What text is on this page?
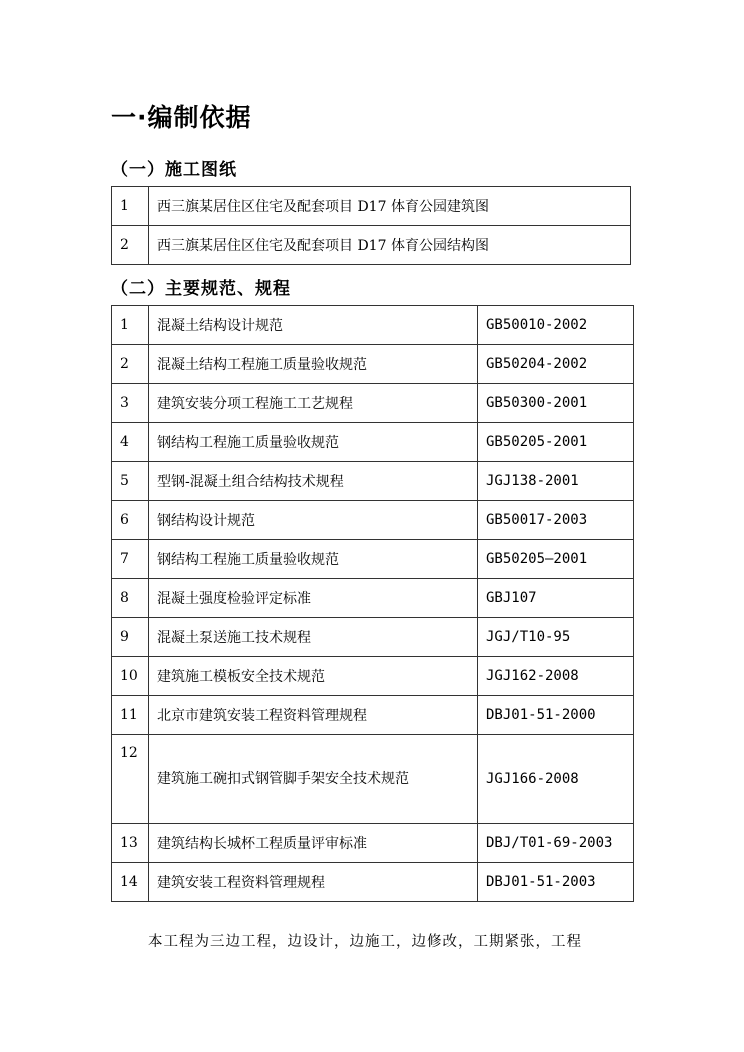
一·编制依据
（一）施工图纸
1	西三旗某居住区住宅及配套项目 D17 体育公园建筑图
2	西三旗某居住区住宅及配套项目 D17 体育公园结构图
（二）主要规范、规程
1	混凝土结构设计规范	GB50010-2002
2	混凝土结构工程施工质量验收规范	GB50204-2002
3	建筑安装分项工程施工工艺规程	GB50300-2001
4	钢结构工程施工质量验收规范	GB50205-2001
5	型钢-混凝土组合结构技术规程	JGJ138-2001
6	钢结构设计规范	GB50017-2003
7	钢结构工程施工质量验收规范	GB50205—2001
8	混凝土强度检验评定标准	GBJ107
9	混凝土泵送施工技术规程	JGJ/T10-95
10	建筑施工模板安全技术规范	JGJ162-2008
11	北京市建筑安装工程资料管理规程	DBJ01-51-2000
12	建筑施工碗扣式钢管脚手架安全技术规范	JGJ166-2008
13	建筑结构长城杯工程质量评审标准	DBJ/T01-69-2003
14	建筑安装工程资料管理规程	DBJ01-51-2003
本工程为三边工程，边设计，边施工，边修改，工期紧张，工程
